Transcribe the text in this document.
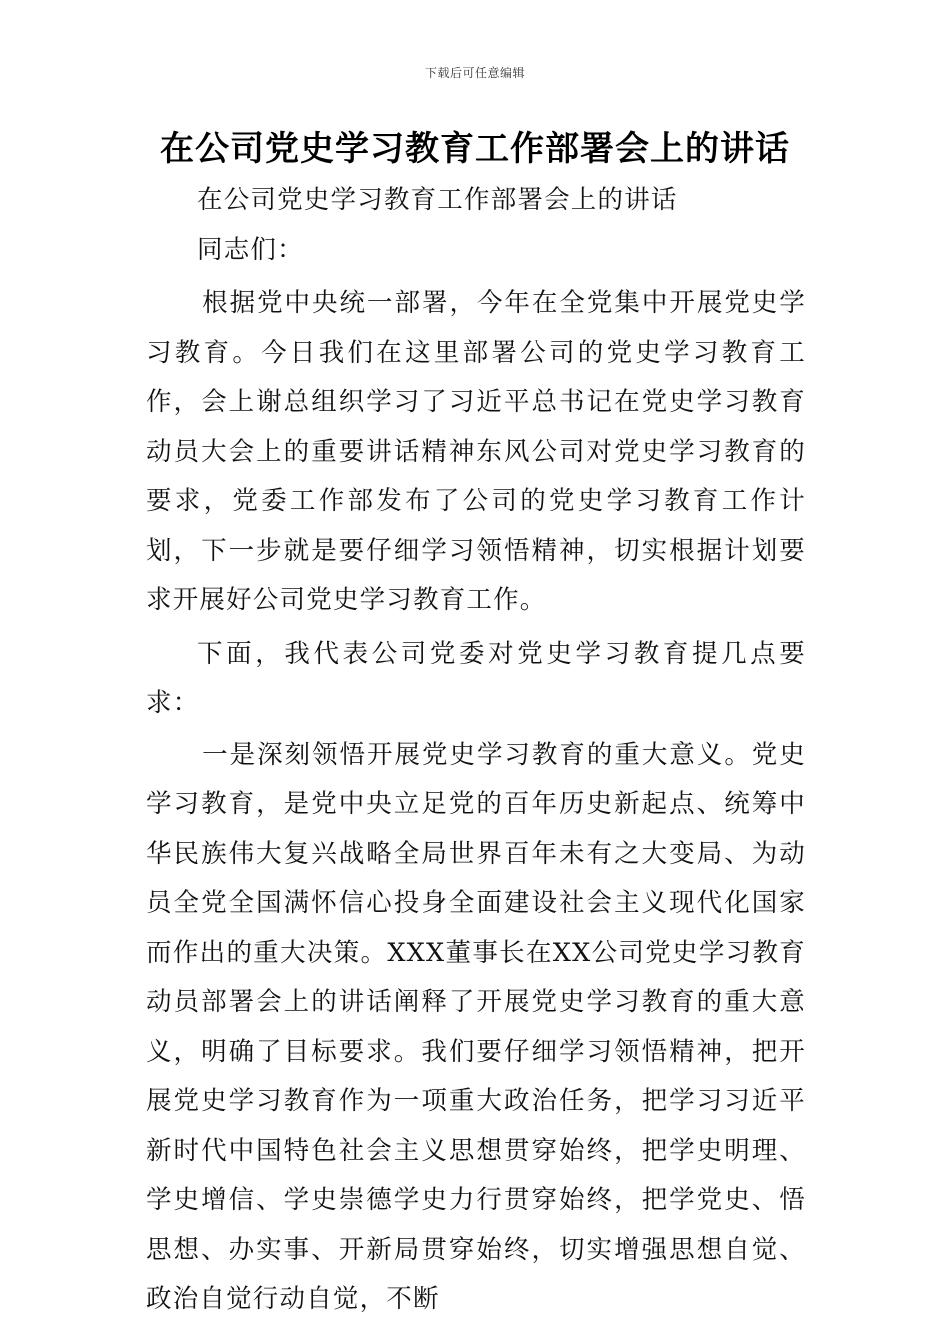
下载后可任意编辑
在公司党史学习教育工作部署会上的讲话

在公司党史学习教育工作部署会上的讲话

同志们：

根据党中央统一部署，今年在全党集中开展党史学习教育。今日我们在这里部署公司的党史学习教育工作，会上谢总组织学习了习近平总书记在党史学习教育动员大会上的重要讲话精神东风公司对党史学习教育的要求，党委工作部发布了公司的党史学习教育工作计划，下一步就是要仔细学习领悟精神，切实根据计划要求开展好公司党史学习教育工作。

下面，我代表公司党委对党史学习教育提几点要求：

一是深刻领悟开展党史学习教育的重大意义。党史学习教育，是党中央立足党的百年历史新起点、统筹中华民族伟大复兴战略全局世界百年未有之大变局、为动员全党全国满怀信心投身全面建设社会主义现代化国家而作出的重大决策。XXX董事长在XX公司党史学习教育动员部署会上的讲话阐释了开展党史学习教育的重大意义，明确了目标要求。我们要仔细学习领悟精神，把开展党史学习教育作为一项重大政治任务，把学习习近平新时代中国特色社会主义思想贯穿始终，把学史明理、学史增信、学史崇德学史力行贯穿始终，把学党史、悟思想、办实事、开新局贯穿始终，切实增强思想自觉、政治自觉行动自觉，不断
